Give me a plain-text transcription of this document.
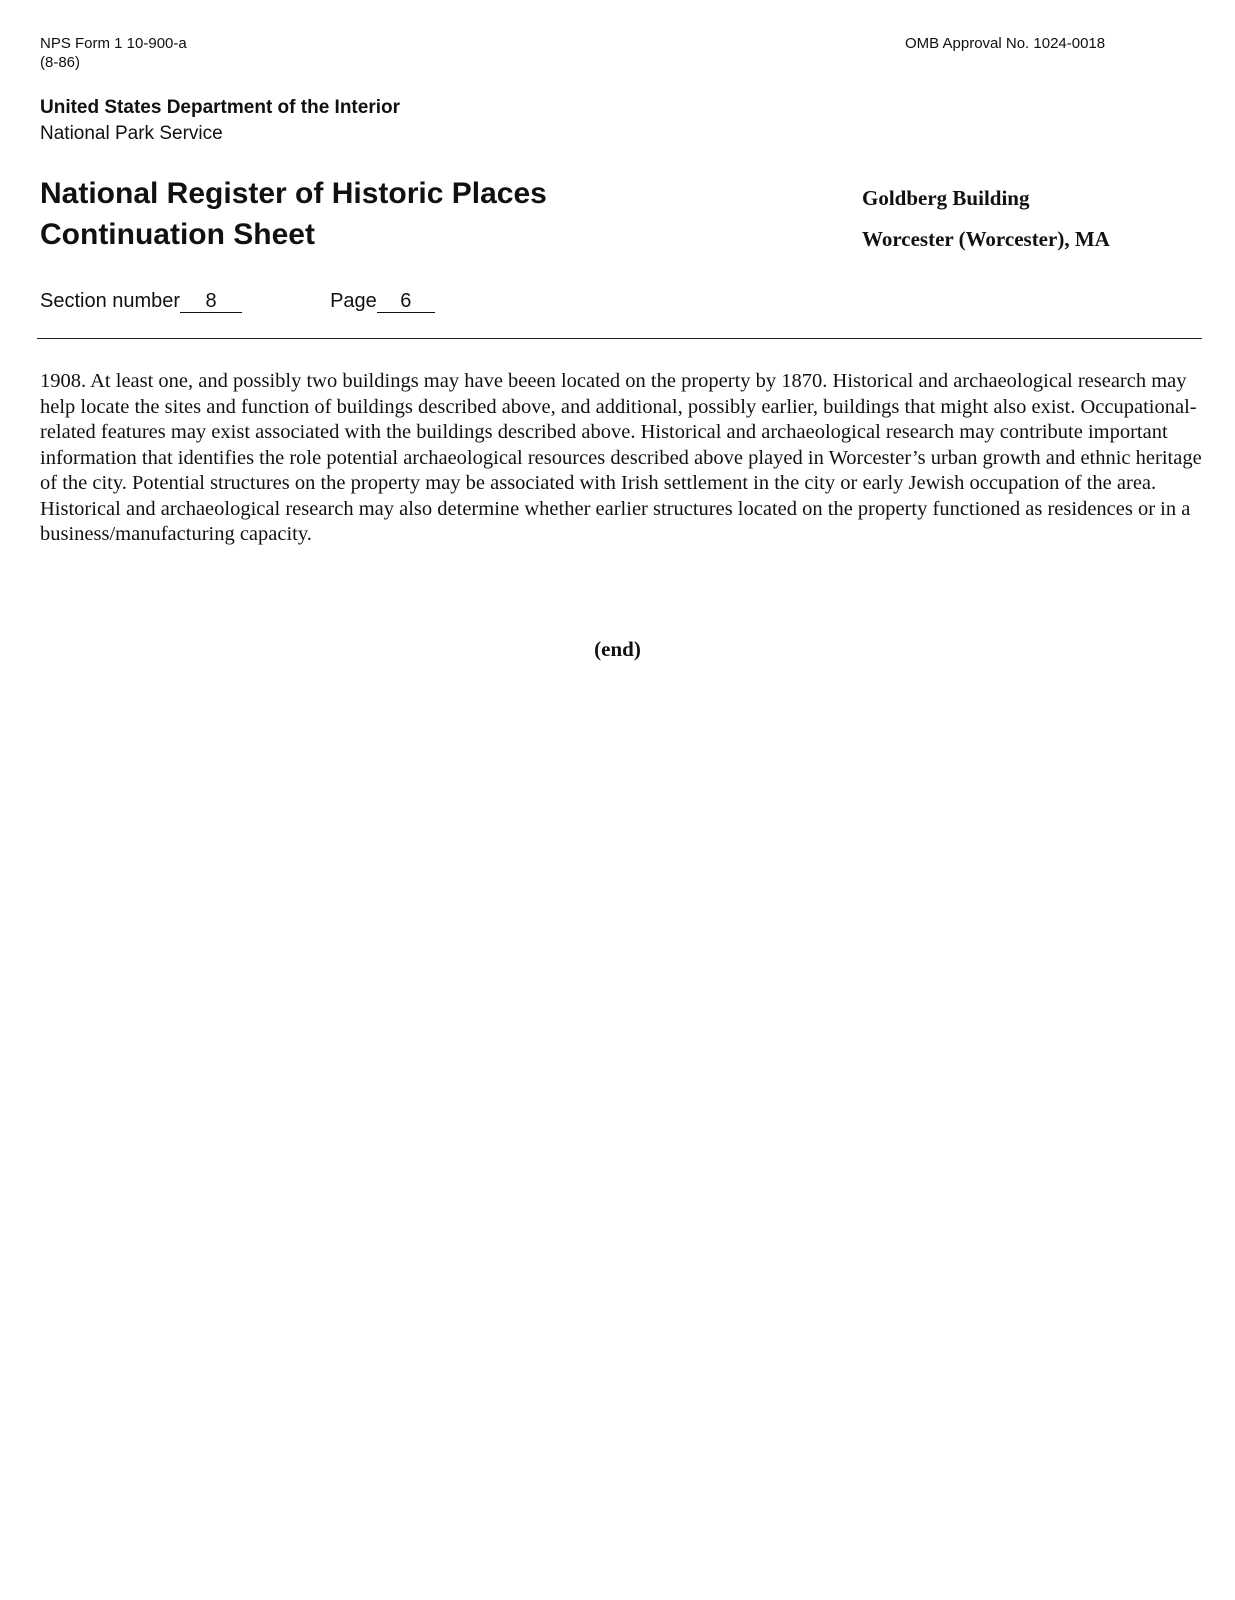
NPS Form 1 10-900-a
(8-86)
OMB Approval No. 1024-0018
United States Department of the Interior
National Park Service
National Register of Historic Places
Continuation Sheet
Goldberg Building
Worcester (Worcester), MA
Section number 8	Page 6

1908. At least one, and possibly two buildings may have beeen located on the property by 1870. Historical and archaeological research may help locate the sites and function of buildings described above, and additional, possibly earlier, buildings that might also exist. Occupational-related features may exist associated with the buildings described above. Historical and archaeological research may contribute important information that identifies the role potential archaeological resources described above played in Worcester’s urban growth and ethnic heritage of the city. Potential structures on the property may be associated with Irish settlement in the city or early Jewish occupation of the area. Historical and archaeological research may also determine whether earlier structures located on the property functioned as residences or in a business/manufacturing capacity.

(end)
